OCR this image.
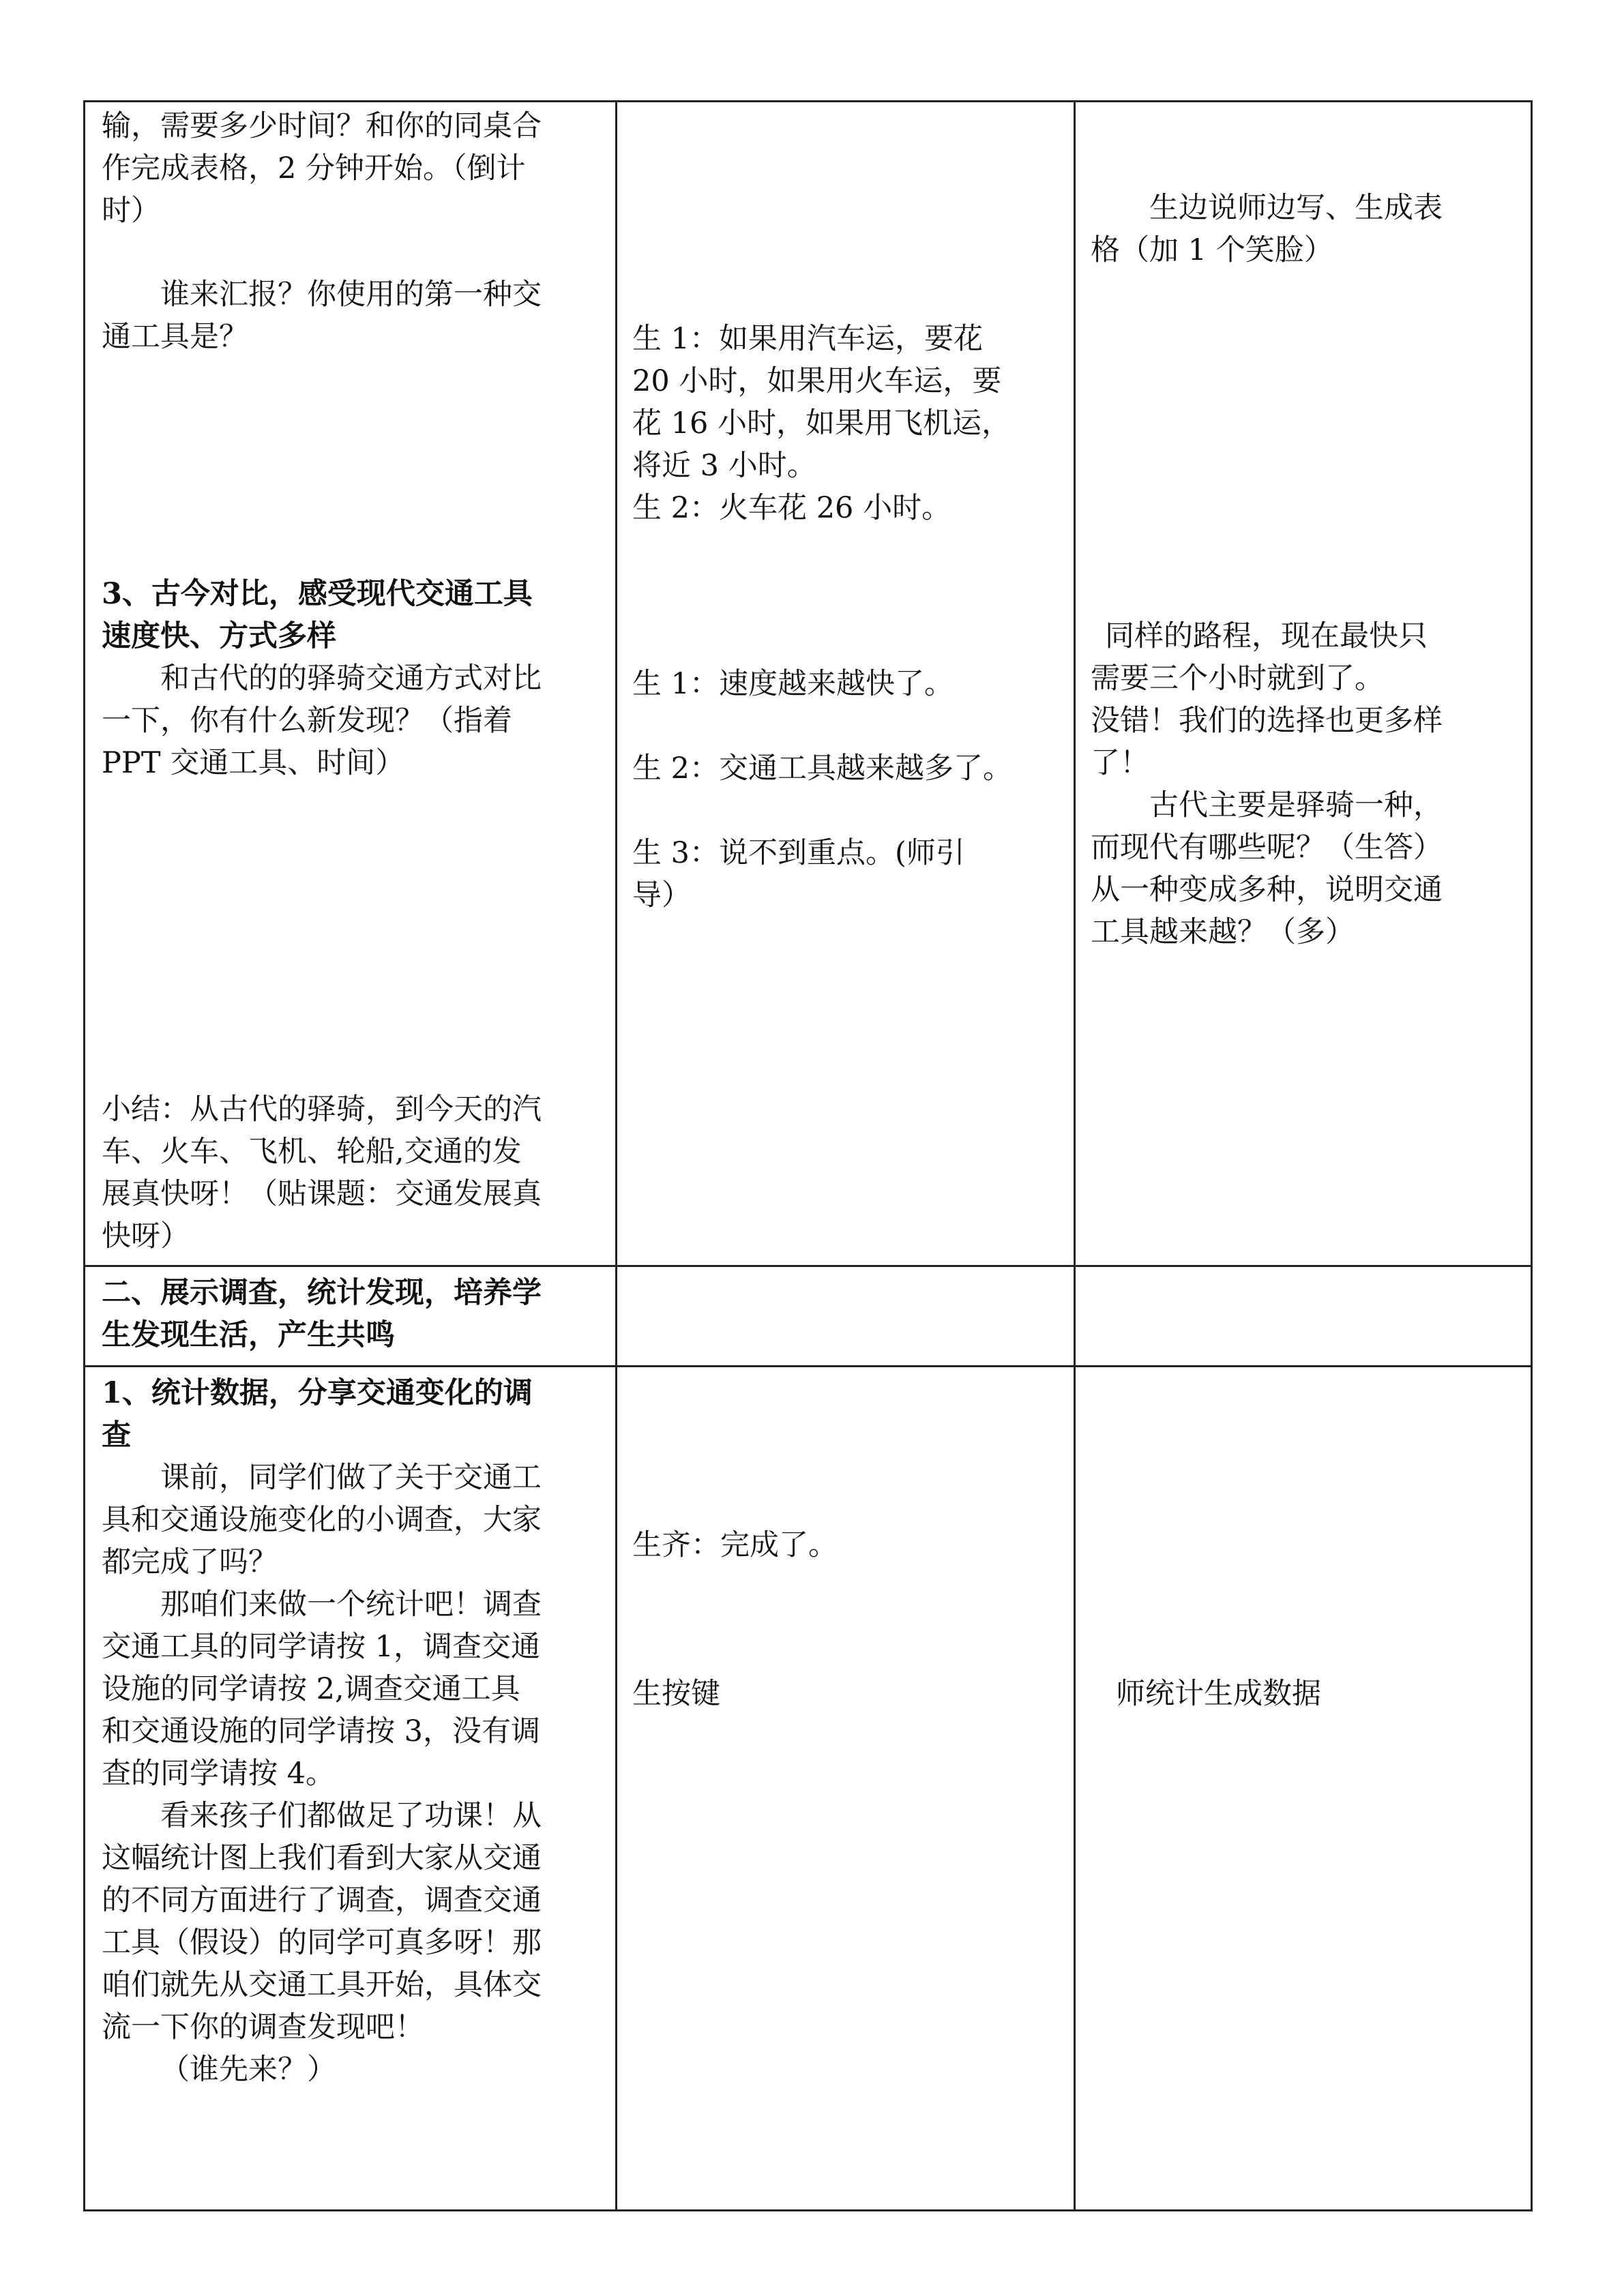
输，需要多少时间？和你的同桌合

作完成表格，2 分钟开始。（倒计

时）

谁来汇报？你使用的第一种交

通工具是？

3、古今对比，感受现代交通工具

速度快、方式多样

和古代的的驿骑交通方式对比

一下，你有什么新发现？（指着

PPT 交通工具、时间）

小结：从古代的驿骑，到今天的汽

车、火车、飞机、轮船,交通的发

展真快呀！（贴课题：交通发展真

快呀）

生 1：如果用汽车运，要花

20 小时，如果用火车运，要

花 16 小时，如果用飞机运，

将近 3 小时。

生 2：火车花 26 小时。

生 1：速度越来越快了。

生 2：交通工具越来越多了。

生 3：说不到重点。(师引

导）

生边说师边写、生成表

格（加 1 个笑脸）

同样的路程，现在最快只

需要三个小时就到了。

没错！我们的选择也更多样

了！

古代主要是驿骑一种，

而现代有哪些呢？（生答）

从一种变成多种，说明交通

工具越来越？（多）

二、展示调查，统计发现，培养学

生发现生活，产生共鸣

1、统计数据，分享交通变化的调

查

课前，同学们做了关于交通工

具和交通设施变化的小调查，大家

都完成了吗？

那咱们来做一个统计吧！调查

交通工具的同学请按 1，调查交通

设施的同学请按 2,调查交通工具

和交通设施的同学请按 3，没有调

查的同学请按 4。

看来孩子们都做足了功课！从

这幅统计图上我们看到大家从交通

的不同方面进行了调查，调查交通

工具（假设）的同学可真多呀！那

咱们就先从交通工具开始，具体交

流一下你的调查发现吧！

（谁先来？）

生齐：完成了。

生按键	师统计生成数据
